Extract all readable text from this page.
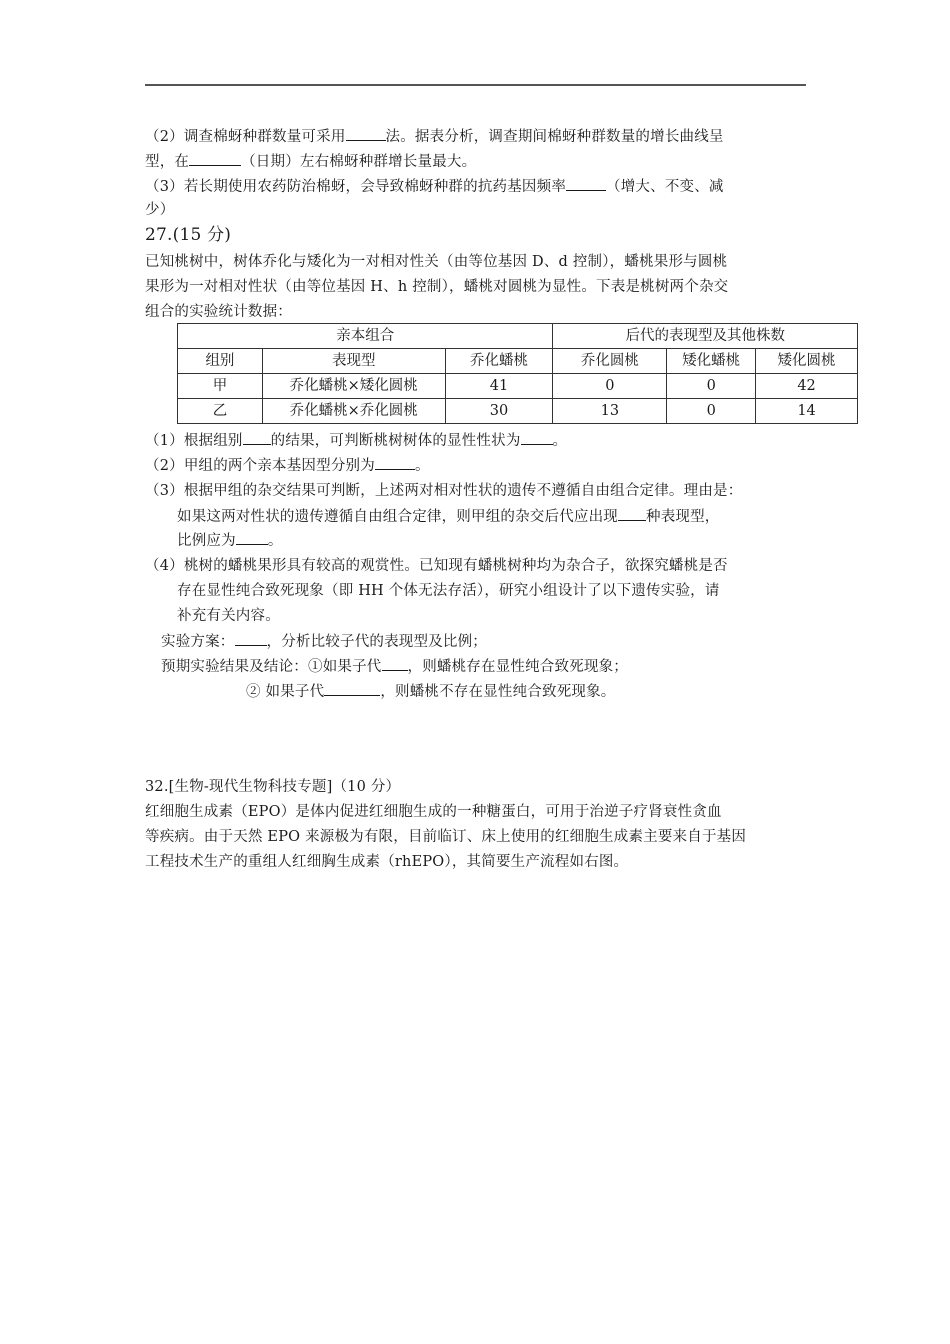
（2）调查棉蚜种群数量可采用	法。据表分析，调查期间棉蚜种群数量的增长曲线呈
型，在	（日期）左右棉蚜种群增长量最大。
（3）若长期使用农药防治棉蚜，会导致棉蚜种群的抗药基因频率	（增大、不变、减
少）
27.(15 分)
已知桃树中，树体乔化与矮化为一对相对性关（由等位基因 D、d 控制），蟠桃果形与圆桃
果形为一对相对性状（由等位基因 H、h 控制），蟠桃对圆桃为显性。下表是桃树两个杂交
组合的实验统计数据：
亲本组合			后代的表现型及其他株数		
组别	表现型	乔化蟠桃	乔化圆桃	矮化蟠桃	矮化圆桃
甲	乔化蟠桃×矮化圆桃	41	0	0	42
乙	乔化蟠桃×乔化圆桃	30	13	0	14
（1）根据组别 的结果，可判断桃树树体的显性性状为 。
（2）甲组的两个亲本基因型分别为	。
（3）根据甲组的杂交结果可判断，上述两对相对性状的遗传不遵循自由组合定律。理由是：
如果这两对性状的遗传遵循自由组合定律，则甲组的杂交后代应出现 种表现型，
比例应为 。
（4）桃树的蟠桃果形具有较高的观赏性。已知现有蟠桃树种均为杂合子，欲探究蟠桃是否
存在显性纯合致死现象（即 HH 个体无法存活），研究小组设计了以下遗传实验，请
补充有关内容。
实验方案： ，分析比较子代的表现型及比例；
预期实验结果及结论：①如果子代 ，则蟠桃存在显性纯合致死现象；
② 如果子代	，则蟠桃不存在显性纯合致死现象。
32.[生物-现代生物科技专题]（10 分）
红细胞生成素（EPO）是体内促进红细胞生成的一种糖蛋白，可用于治逆子疗肾衰性贪血
等疾病。由于天然 EPO 来源极为有限，目前临订、床上使用的红细胞生成素主要来自于基因
工程技术生产的重组人红细胸生成素（rhEPO），其简要生产流程如右图。
